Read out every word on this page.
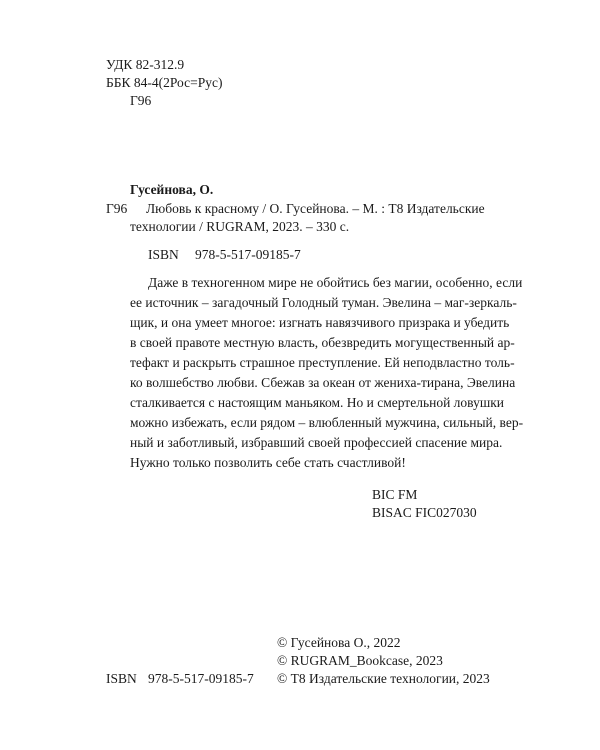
УДК 82-312.9
ББК 84-4(2Рос=Рус)
Г96
Гусейнова, О.
Г96 Любовь к красному / О. Гусейнова. – М. : Т8 Издательские
технологии / RUGRAM, 2023. – 330 с.
ISBN 978-5-517-09185-7
Даже в техногенном мире не обойтись без магии, особенно, если
ее источник – загадочный Голодный туман. Эвелина – маг-зеркаль-
щик, и она умеет многое: изгнать навязчивого призрака и убедить
в своей правоте местную власть, обезвредить могущественный ар-
тефакт и раскрыть страшное преступление. Ей неподвластно толь-
ко волшебство любви. Сбежав за океан от жениха-тирана, Эвелина
сталкивается с настоящим маньяком. Но и смертельной ловушки
можно избежать, если рядом – влюбленный мужчина, сильный, вер-
ный и заботливый, избравший своей профессией спасение мира.
Нужно только позволить себе стать счастливой!
BIC FM
BISAC FIC027030
© Гусейнова О., 2022
© RUGRAM_Bookcase, 2023
ISBN 978-5-517-09185-7 © Т8 Издательские технологии, 2023
